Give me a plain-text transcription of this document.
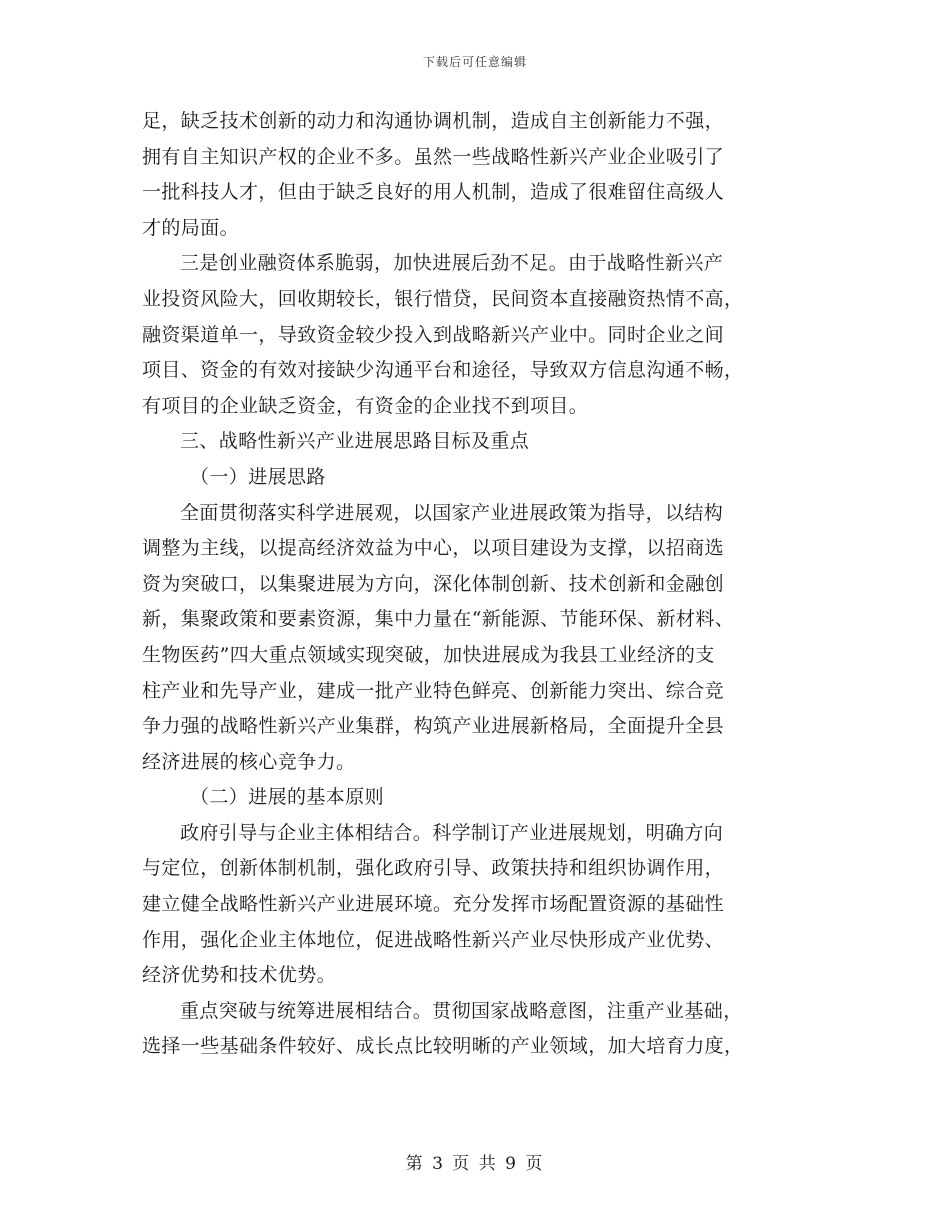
下载后可任意编辑
足，缺乏技术创新的动力和沟通协调机制，造成自主创新能力不强，
拥有自主知识产权的企业不多。虽然一些战略性新兴产业企业吸引了
一批科技人才，但由于缺乏良好的用人机制，造成了很难留住高级人
才的局面。
三是创业融资体系脆弱，加快进展后劲不足。由于战略性新兴产
业投资风险大，回收期较长，银行惜贷，民间资本直接融资热情不高，
融资渠道单一，导致资金较少投入到战略新兴产业中。同时企业之间
项目、资金的有效对接缺少沟通平台和途径，导致双方信息沟通不畅，
有项目的企业缺乏资金，有资金的企业找不到项目。
三、战略性新兴产业进展思路目标及重点
（一）进展思路
全面贯彻落实科学进展观，以国家产业进展政策为指导，以结构
调整为主线，以提高经济效益为中心，以项目建设为支撑，以招商选
资为突破口，以集聚进展为方向，深化体制创新、技术创新和金融创
新，集聚政策和要素资源，集中力量在“新能源、节能环保、新材料、
生物医药”四大重点领域实现突破，加快进展成为我县工业经济的支
柱产业和先导产业，建成一批产业特色鲜亮、创新能力突出、综合竞
争力强的战略性新兴产业集群，构筑产业进展新格局，全面提升全县
经济进展的核心竞争力。
（二）进展的基本原则
政府引导与企业主体相结合。科学制订产业进展规划，明确方向
与定位，创新体制机制，强化政府引导、政策扶持和组织协调作用，
建立健全战略性新兴产业进展环境。充分发挥市场配置资源的基础性
作用，强化企业主体地位，促进战略性新兴产业尽快形成产业优势、
经济优势和技术优势。
重点突破与统筹进展相结合。贯彻国家战略意图，注重产业基础，
选择一些基础条件较好、成长点比较明晰的产业领域，加大培育力度，
第 3 页 共 9 页
